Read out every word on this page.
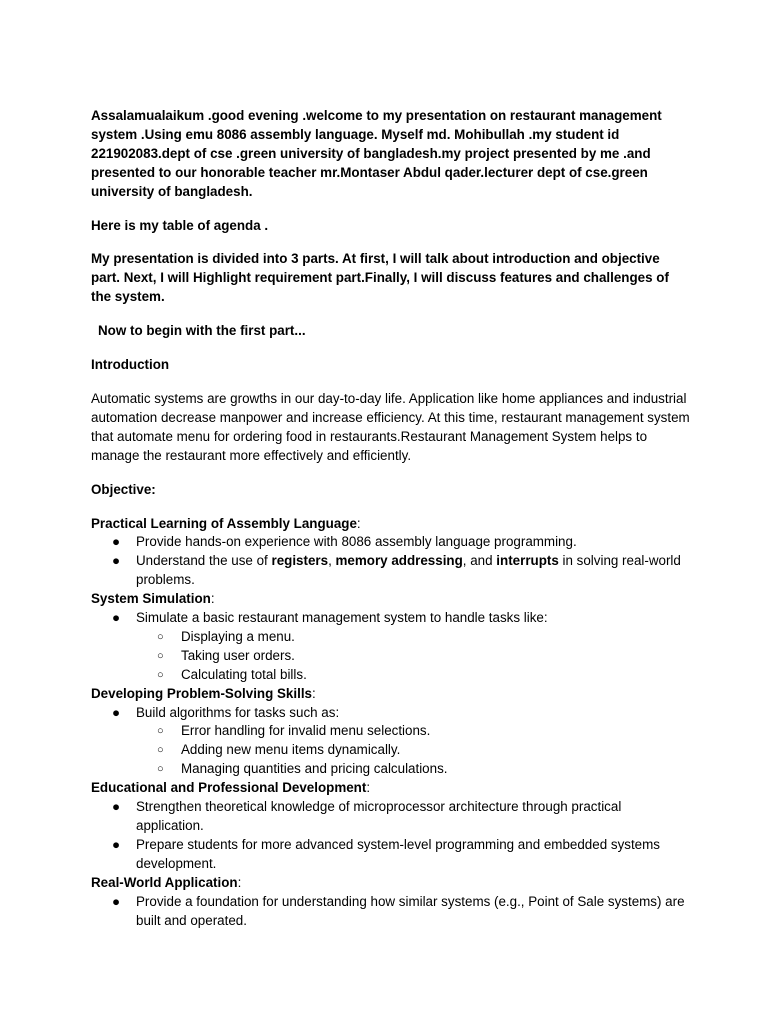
Assalamualaikum .good evening .welcome to my presentation on restaurant management system .Using emu 8086 assembly language. Myself md. Mohibullah .my student id 221902083.dept of cse .green university of bangladesh.my project presented by me .and presented to our honorable teacher mr.Montaser Abdul qader.lecturer dept of cse.green university of bangladesh.

Here is my table of agenda .

My presentation is divided into 3 parts. At first, I will talk about introduction and objective part. Next, I will Highlight requirement part.Finally, I will discuss features and challenges of the system.

Now to begin with the first part...

Introduction

Automatic systems are growths in our day-to-day life. Application like home appliances and industrial automation decrease manpower and increase efficiency. At this time, restaurant management system that automate menu for ordering food in restaurants.Restaurant Management System helps to manage the restaurant more effectively and efficiently.

Objective:

Practical Learning of Assembly Language:

● Provide hands-on experience with 8086 assembly language programming.
● Understand the use of registers, memory addressing, and interrupts in solving real-world problems.

System Simulation:

● Simulate a basic restaurant management system to handle tasks like:
○ Displaying a menu.
○ Taking user orders.
○ Calculating total bills.

Developing Problem-Solving Skills:

● Build algorithms for tasks such as:
○ Error handling for invalid menu selections.
○ Adding new menu items dynamically.
○ Managing quantities and pricing calculations.

Educational and Professional Development:

● Strengthen theoretical knowledge of microprocessor architecture through practical application.
● Prepare students for more advanced system-level programming and embedded systems development.

Real-World Application:

● Provide a foundation for understanding how similar systems (e.g., Point of Sale systems) are built and operated.
